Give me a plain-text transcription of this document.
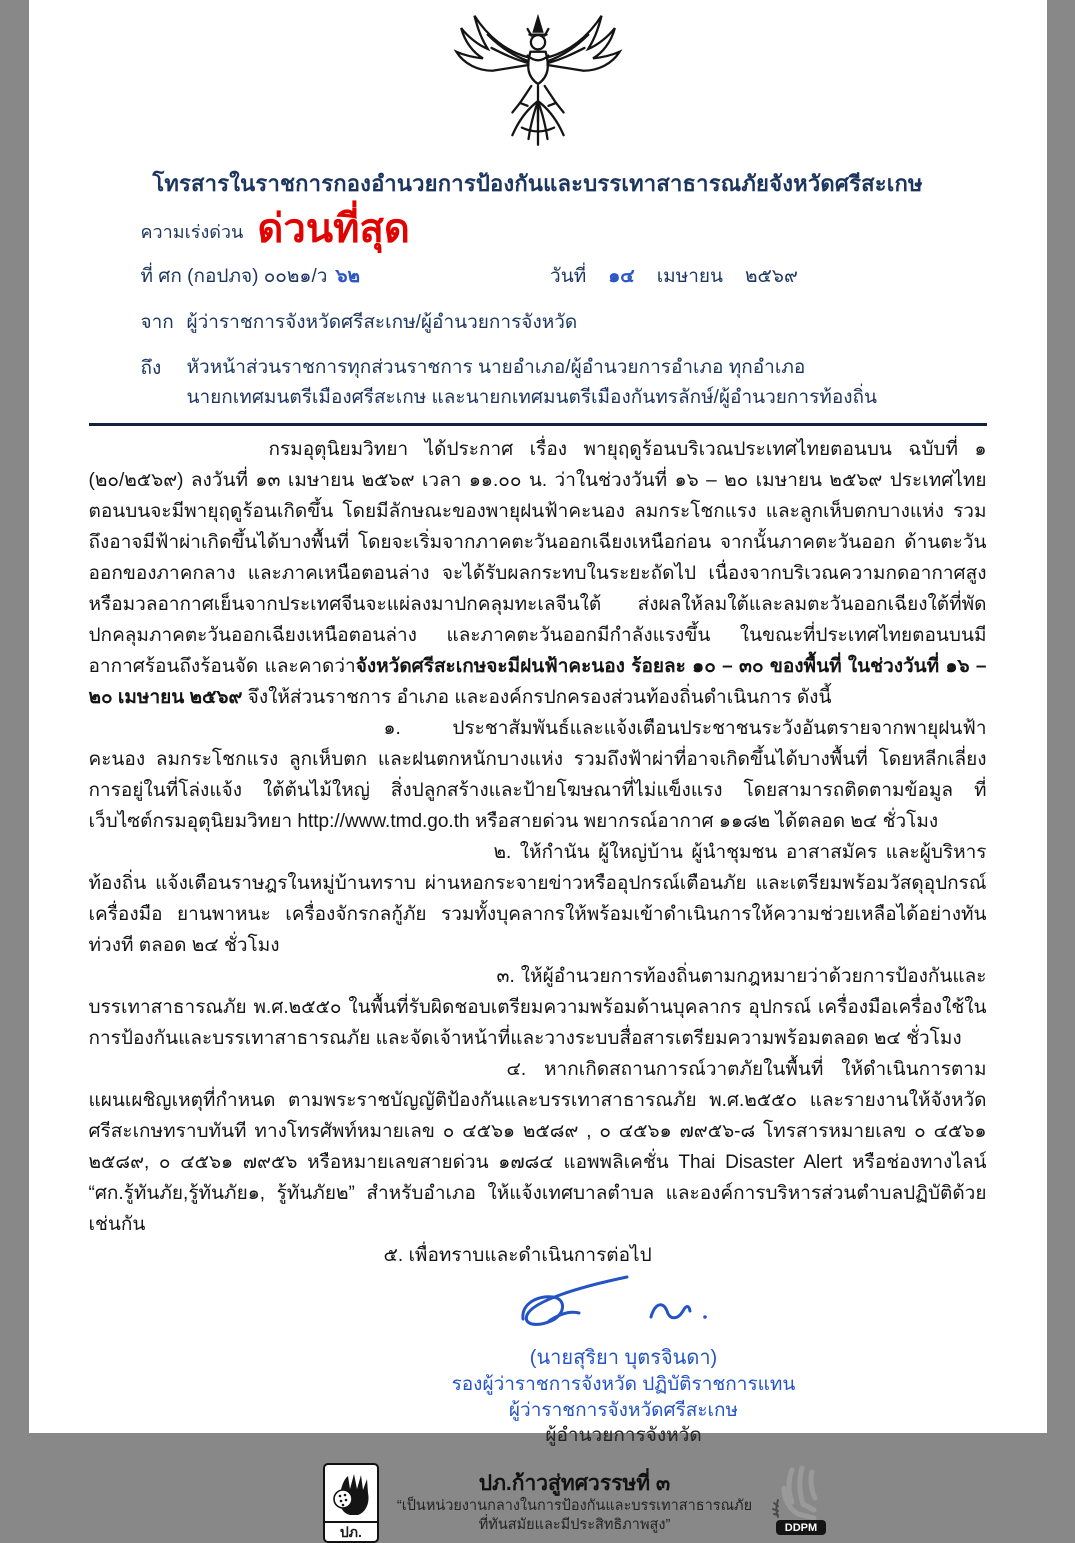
โทรสารในราชการกองอำนวยการป้องกันและบรรเทาสาธารณภัยจังหวัดศรีสะเกษ
ความเร่งด่วน ด่วนที่สุด
ที่ ศก (กอปภจ) ๐๐๒๑/ว ๖๒	วันที่ ๑๔ เมษายน ๒๕๖๙
จาก ผู้ว่าราชการจังหวัดศรีสะเกษ/ผู้อำนวยการจังหวัด
ถึง	หัวหน้าส่วนราชการทุกส่วนราชการ นายอำเภอ/ผู้อำนวยการอำเภอ ทุกอำเภอ
นายกเทศมนตรีเมืองศรีสะเกษ และนายกเทศมนตรีเมืองกันทรลักษ์/ผู้อำนวยการท้องถิ่น

กรมอุตุนิยมวิทยา ได้ประกาศ เรื่อง พายุฤดูร้อนบริเวณประเทศไทยตอนบน ฉบับที่ ๑ (๒๐/๒๕๖๙) ลงวันที่ ๑๓ เมษายน ๒๕๖๙ เวลา ๑๑.๐๐ น. ว่าในช่วงวันที่ ๑๖ – ๒๐ เมษายน ๒๕๖๙ ประเทศไทยตอนบนจะมีพายุฤดูร้อนเกิดขึ้น โดยมีลักษณะของพายุฝนฟ้าคะนอง ลมกระโชกแรง และลูกเห็บตกบางแห่ง รวมถึงอาจมีฟ้าผ่าเกิดขึ้นได้บางพื้นที่ โดยจะเริ่มจากภาคตะวันออกเฉียงเหนือก่อน จากนั้นภาคตะวันออก ด้านตะวันออกของภาคกลาง และภาคเหนือตอนล่าง จะได้รับผลกระทบในระยะถัดไป เนื่องจากบริเวณความกดอากาศสูงหรือมวลอากาศเย็นจากประเทศจีนจะแผ่ลงมาปกคลุมทะเลจีนใต้ ส่งผลให้ลมใต้และลมตะวันออกเฉียงใต้ที่พัดปกคลุมภาคตะวันออกเฉียงเหนือตอนล่าง และภาคตะวันออกมีกำลังแรงขึ้น ในขณะที่ประเทศไทยตอนบนมีอากาศร้อนถึงร้อนจัด และคาดว่าจังหวัดศรีสะเกษจะมีฝนฟ้าคะนอง ร้อยละ ๑๐ – ๓๐ ของพื้นที่ ในช่วงวันที่ ๑๖ – ๒๐ เมษายน ๒๕๖๙ จึงให้ส่วนราชการ อำเภอ และองค์กรปกครองส่วนท้องถิ่นดำเนินการ ดังนี้

๑. ประชาสัมพันธ์และแจ้งเตือนประชาชนระวังอันตรายจากพายุฝนฟ้าคะนอง ลมกระโชกแรง ลูกเห็บตก และฝนตกหนักบางแห่ง รวมถึงฟ้าผ่าที่อาจเกิดขึ้นได้บางพื้นที่ โดยหลีกเลี่ยงการอยู่ในที่โล่งแจ้ง ใต้ต้นไม้ใหญ่ สิ่งปลูกสร้างและป้ายโฆษณาที่ไม่แข็งแรง โดยสามารถติดตามข้อมูล ที่เว็บไซต์กรมอุตุนิยมวิทยา http://www.tmd.go.th หรือสายด่วน พยากรณ์อากาศ ๑๑๘๒ ได้ตลอด ๒๔ ชั่วโมง

๒. ให้กำนัน ผู้ใหญ่บ้าน ผู้นำชุมชน อาสาสมัคร และผู้บริหารท้องถิ่น แจ้งเตือนราษฎรในหมู่บ้านทราบ ผ่านหอกระจายข่าวหรืออุปกรณ์เตือนภัย และเตรียมพร้อมวัสดุอุปกรณ์ เครื่องมือ ยานพาหนะ เครื่องจักรกลกู้ภัย รวมทั้งบุคลากรให้พร้อมเข้าดำเนินการให้ความช่วยเหลือได้อย่างทันท่วงที ตลอด ๒๔ ชั่วโมง

๓. ให้ผู้อำนวยการท้องถิ่นตามกฎหมายว่าด้วยการป้องกันและบรรเทาสาธารณภัย พ.ศ.๒๕๕๐ ในพื้นที่รับผิดชอบเตรียมความพร้อมด้านบุคลากร อุปกรณ์ เครื่องมือเครื่องใช้ในการป้องกันและบรรเทาสาธารณภัย และจัดเจ้าหน้าที่และวางระบบสื่อสารเตรียมความพร้อมตลอด ๒๔ ชั่วโมง

๔. หากเกิดสถานการณ์วาตภัยในพื้นที่ ให้ดำเนินการตามแผนเผชิญเหตุที่กำหนด ตามพระราชบัญญัติป้องกันและบรรเทาสาธารณภัย พ.ศ.๒๕๕๐ และรายงานให้จังหวัดศรีสะเกษทราบทันที ทางโทรศัพท์หมายเลข ๐ ๔๕๖๑ ๒๕๘๙ , ๐ ๔๕๖๑ ๗๙๕๖-๘ โทรสารหมายเลข ๐ ๔๕๖๑ ๒๕๘๙, ๐ ๔๕๖๑ ๗๙๕๖ หรือหมายเลขสายด่วน ๑๗๘๔ แอพพลิเคชั่น Thai Disaster Alert หรือช่องทางไลน์ “ศก.รู้ทันภัย,รู้ทันภัย๑, รู้ทันภัย๒” สำหรับอำเภอ ให้แจ้งเทศบาลตำบล และองค์การบริหารส่วนตำบลปฏิบัติด้วยเช่นกัน

๕. เพื่อทราบและดำเนินการต่อไป

(นายสุริยา บุตรจินดา)
รองผู้ว่าราชการจังหวัด ปฏิบัติราชการแทน
ผู้ว่าราชการจังหวัดศรีสะเกษ
ผู้อำนวยการจังหวัด
ปภ.
ปภ.ก้าวสู่ทศวรรษที่ ๓
“เป็นหน่วยงานกลางในการป้องกันและบรรเทาสาธารณภัย
ที่ทันสมัยและมีประสิทธิภาพสูง”	DDPM
